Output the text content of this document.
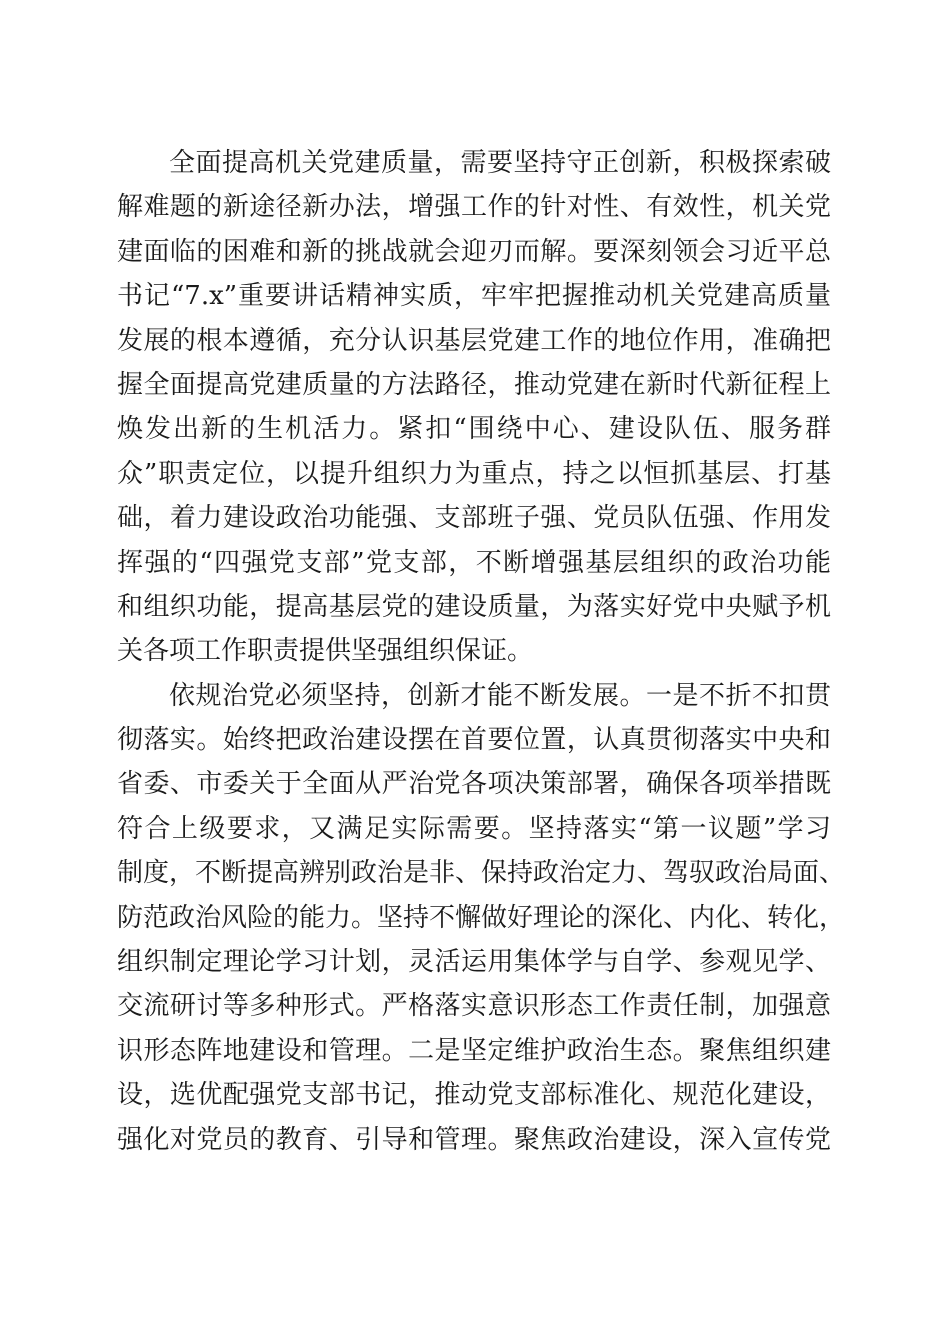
全面提高机关党建质量，需要坚持守正创新，积极探索破
解难题的新途径新办法，增强工作的针对性、有效性，机关党
建面临的困难和新的挑战就会迎刃而解。要深刻领会习近平总
书记“7.x”重要讲话精神实质，牢牢把握推动机关党建高质量
发展的根本遵循，充分认识基层党建工作的地位作用，准确把
握全面提高党建质量的方法路径，推动党建在新时代新征程上
焕发出新的生机活力。紧扣“围绕中心、建设队伍、服务群
众”职责定位，以提升组织力为重点，持之以恒抓基层、打基
础，着力建设政治功能强、支部班子强、党员队伍强、作用发
挥强的“四强党支部”党支部，不断增强基层组织的政治功能
和组织功能，提高基层党的建设质量，为落实好党中央赋予机
关各项工作职责提供坚强组织保证。
依规治党必须坚持，创新才能不断发展。一是不折不扣贯
彻落实。始终把政治建设摆在首要位置，认真贯彻落实中央和
省委、市委关于全面从严治党各项决策部署，确保各项举措既
符合上级要求，又满足实际需要。坚持落实“第一议题”学习
制度，不断提高辨别政治是非、保持政治定力、驾驭政治局面、
防范政治风险的能力。坚持不懈做好理论的深化、内化、转化，
组织制定理论学习计划，灵活运用集体学与自学、参观见学、
交流研讨等多种形式。严格落实意识形态工作责任制，加强意
识形态阵地建设和管理。二是坚定维护政治生态。聚焦组织建
设，选优配强党支部书记，推动党支部标准化、规范化建设，
强化对党员的教育、引导和管理。聚焦政治建设，深入宣传党
